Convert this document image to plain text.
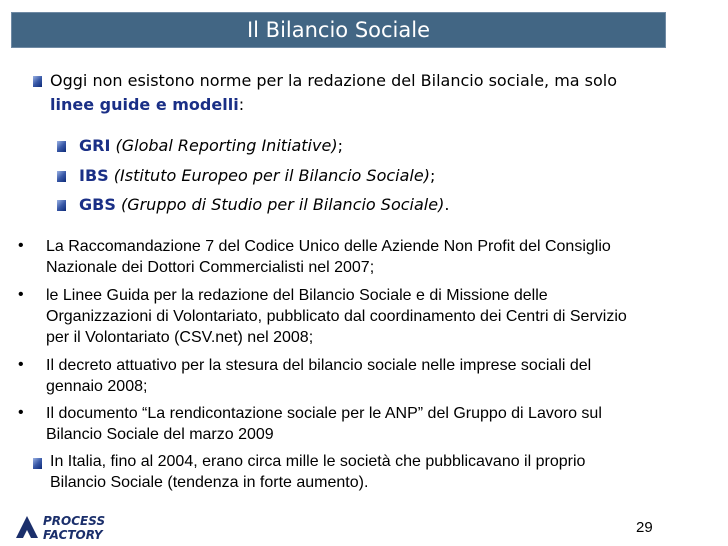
Il Bilancio Sociale
Oggi non esistono norme per la redazione del Bilancio sociale, ma solo
linee guide e modelli:
GRI (Global Reporting Initiative);
IBS (Istituto Europeo per il Bilancio Sociale);
GBS (Gruppo di Studio per il Bilancio Sociale).
• La Raccomandazione 7 del Codice Unico delle Aziende Non Profit del Consiglio
Nazionale dei Dottori Commercialisti nel 2007;
• le Linee Guida per la redazione del Bilancio Sociale e di Missione delle
Organizzazioni di Volontariato, pubblicato dal coordinamento dei Centri di Servizio
per il Volontariato (CSV.net) nel 2008;
• Il decreto attuativo per la stesura del bilancio sociale nelle imprese sociali del
gennaio 2008;
• Il documento “La rendicontazione sociale per le ANP” del Gruppo di Lavoro sul
Bilancio Sociale del marzo 2009
In Italia, fino al 2004, erano circa mille le società che pubblicavano il proprio
Bilancio Sociale (tendenza in forte aumento).
PROCESS
FACTORY	29
